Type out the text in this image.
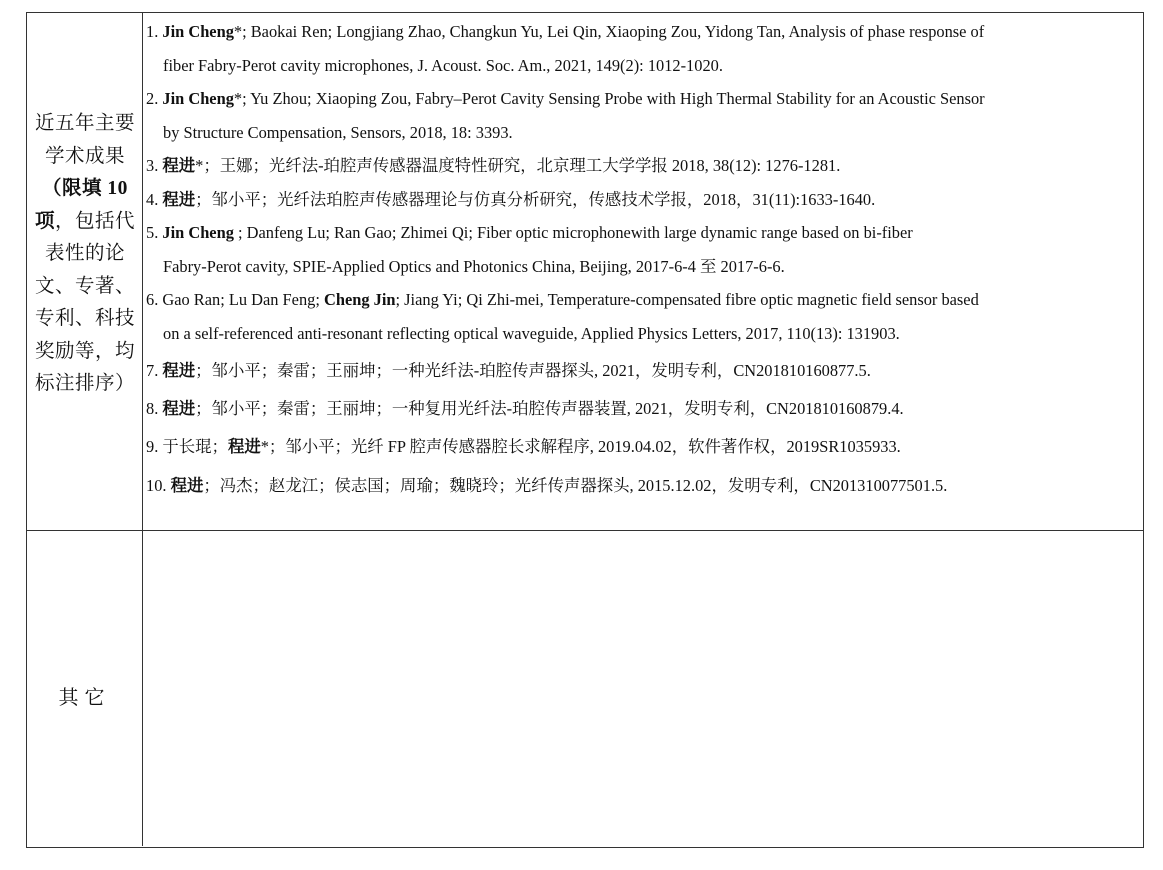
近五年主要
学术成果
（限填 10 项，包括代表性的论文、专著、专利、科技奖励等，均标注排序）
1. Jin Cheng*; Baokai Ren; Longjiang Zhao, Changkun Yu, Lei Qin, Xiaoping Zou, Yidong Tan, Analysis of phase response of
fiber Fabry-Perot cavity microphones, J. Acoust. Soc. Am., 2021, 149(2): 1012-1020.
2. Jin Cheng*; Yu Zhou; Xiaoping Zou, Fabry–Perot Cavity Sensing Probe with High Thermal Stability for an Acoustic Sensor
by Structure Compensation, Sensors, 2018, 18: 3393.
3. 程进*；王娜；光纤法-珀腔声传感器温度特性研究，北京理工大学学报 2018, 38(12): 1276-1281.
4. 程进；邹小平；光纤法珀腔声传感器理论与仿真分析研究，传感技术学报，2018，31(11):1633-1640.
5. Jin Cheng ; Danfeng Lu; Ran Gao; Zhimei Qi; Fiber optic microphonewith large dynamic range based on bi-fiber
Fabry-Perot cavity, SPIE-Applied Optics and Photonics China, Beijing, 2017-6-4 至 2017-6-6.
6. Gao Ran; Lu Dan Feng; Cheng Jin; Jiang Yi; Qi Zhi-mei, Temperature-compensated fibre optic magnetic field sensor based
on a self-referenced anti-resonant reflecting optical waveguide, Applied Physics Letters, 2017, 110(13): 131903.
7. 程进；邹小平；秦雷；王丽坤；一种光纤法-珀腔传声器探头, 2021，发明专利，CN201810160877.5.
8. 程进；邹小平；秦雷；王丽坤；一种复用光纤法-珀腔传声器装置, 2021，发明专利，CN201810160879.4.
9. 于长琨；程进*；邹小平；光纤 FP 腔声传感器腔长求解程序, 2019.04.02，软件著作权，2019SR1035933.
10. 程进；冯杰；赵龙江；侯志国；周瑜；魏晓玲；光纤传声器探头, 2015.12.02，发明专利，CN201310077501.5.
其它
